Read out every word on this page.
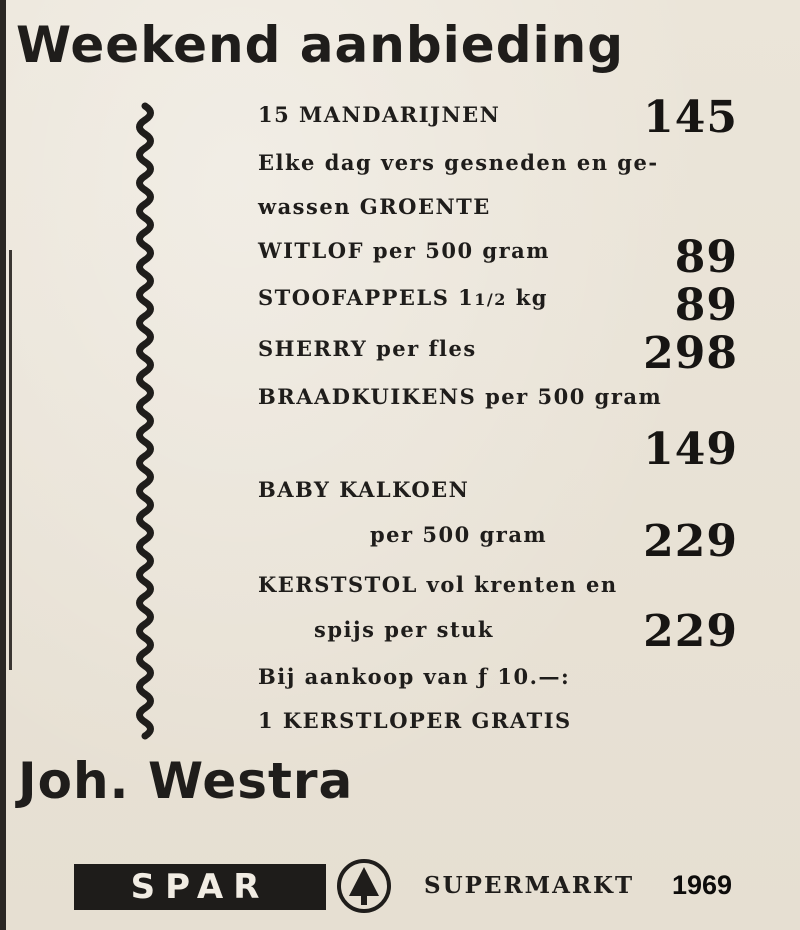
Weekend aanbieding
15 MANDARIJNEN
Elke dag vers gesneden en ge-
wassen GROENTE
WITLOF per 500 gram
STOOFAPPELS 11/2 kg
SHERRY per fles
BRAADKUIKENS per 500 gram
BABY KALKOEN
per 500 gram
KERSTSTOL vol krenten en
spijs per stuk
Bij aankoop van ƒ 10.—:
1 KERSTLOPER GRATIS
145
89
89
298
149
229
229
Joh. Westra
SPAR	SUPERMARKT 1969
